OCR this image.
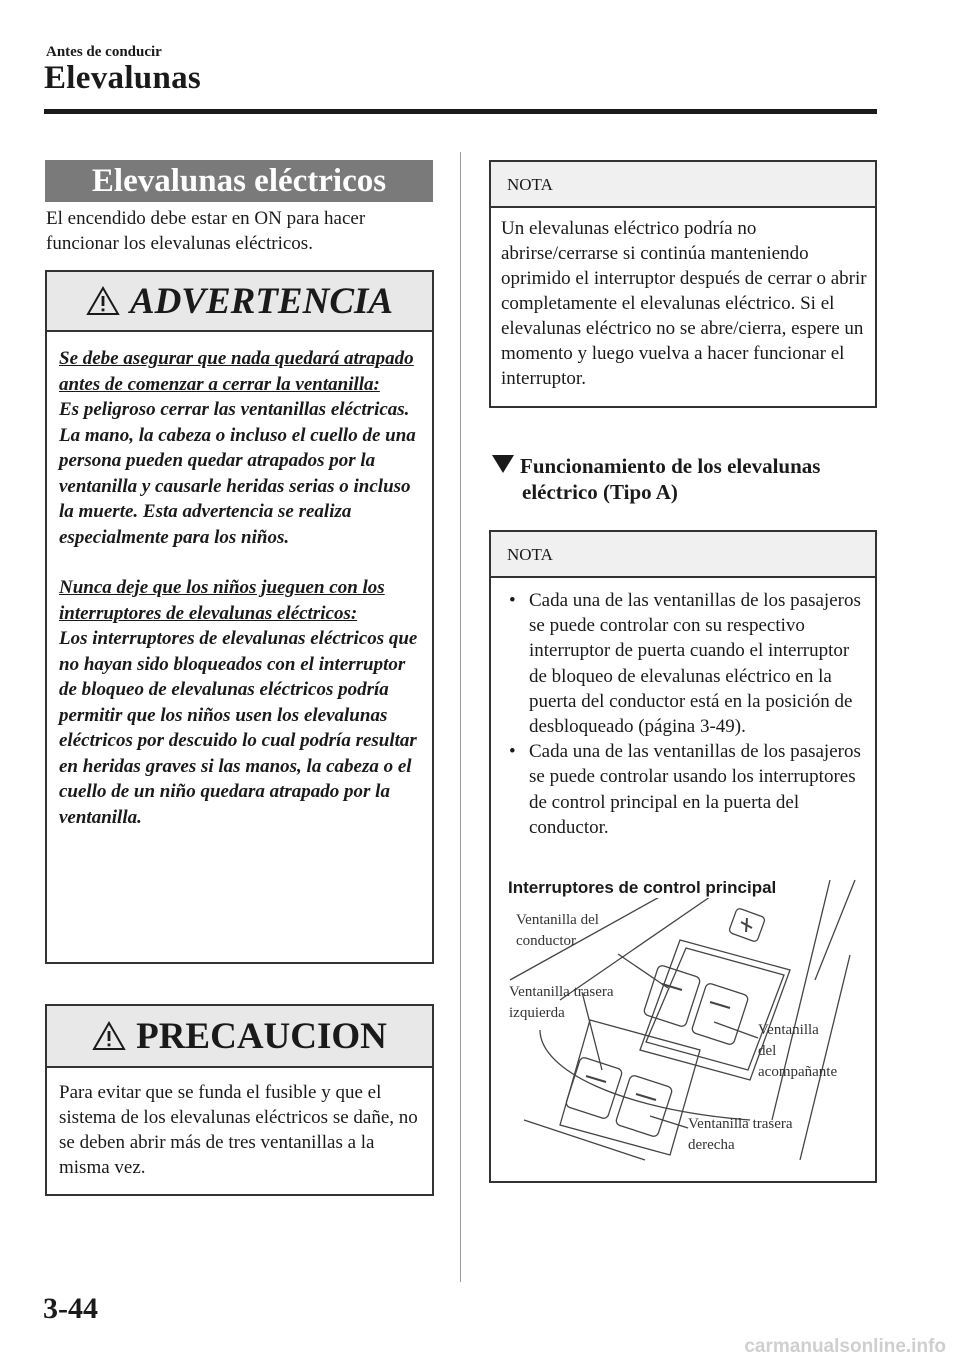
Antes de conducir
Elevalunas
Elevalunas eléctricos
El encendido debe estar en ON para hacer funcionar los elevalunas eléctricos.
ADVERTENCIA

Se debe asegurar que nada quedará atrapado antes de comenzar a cerrar la ventanilla:

Es peligroso cerrar las ventanillas eléctricas. La mano, la cabeza o incluso el cuello de una persona pueden quedar atrapados por la ventanilla y causarle heridas serias o incluso la muerte. Esta advertencia se realiza especialmente para los niños.

Nunca deje que los niños jueguen con los interruptores de elevalunas eléctricos:

Los interruptores de elevalunas eléctricos que no hayan sido bloqueados con el interruptor de bloqueo de elevalunas eléctricos podría permitir que los niños usen los elevalunas eléctricos por descuido lo cual podría resultar en heridas graves si las manos, la cabeza o el cuello de un niño quedara atrapado por la ventanilla.

PRECAUCION
Para evitar que se funda el fusible y que el sistema de los elevalunas eléctricos se dañe, no se deben abrir más de tres ventanillas a la misma vez.
NOTA
Un elevalunas eléctrico podría no abrirse/cerrarse si continúa manteniendo oprimido el interruptor después de cerrar o abrir completamente el elevalunas eléctrico. Si el elevalunas eléctrico no se abre/cierra, espere un momento y luego vuelva a hacer funcionar el interruptor.
Funcionamiento de los elevalunas
eléctrico (Tipo A)
NOTA

• Cada una de las ventanillas de los pasajeros se puede controlar con su respectivo interruptor de puerta cuando el interruptor de bloqueo de elevalunas eléctrico en la puerta del conductor está en la posición de desbloqueado (página 3-49).

• Cada una de las ventanillas de los pasajeros se puede controlar usando los interruptores de control principal en la puerta del conductor.

Interruptores de control principal
Ventanilla del
conductor
Ventanilla trasera
izquierda
Ventanilla
del
acompañante
Ventanilla trasera
derecha
3-44
carmanualsonline.info
